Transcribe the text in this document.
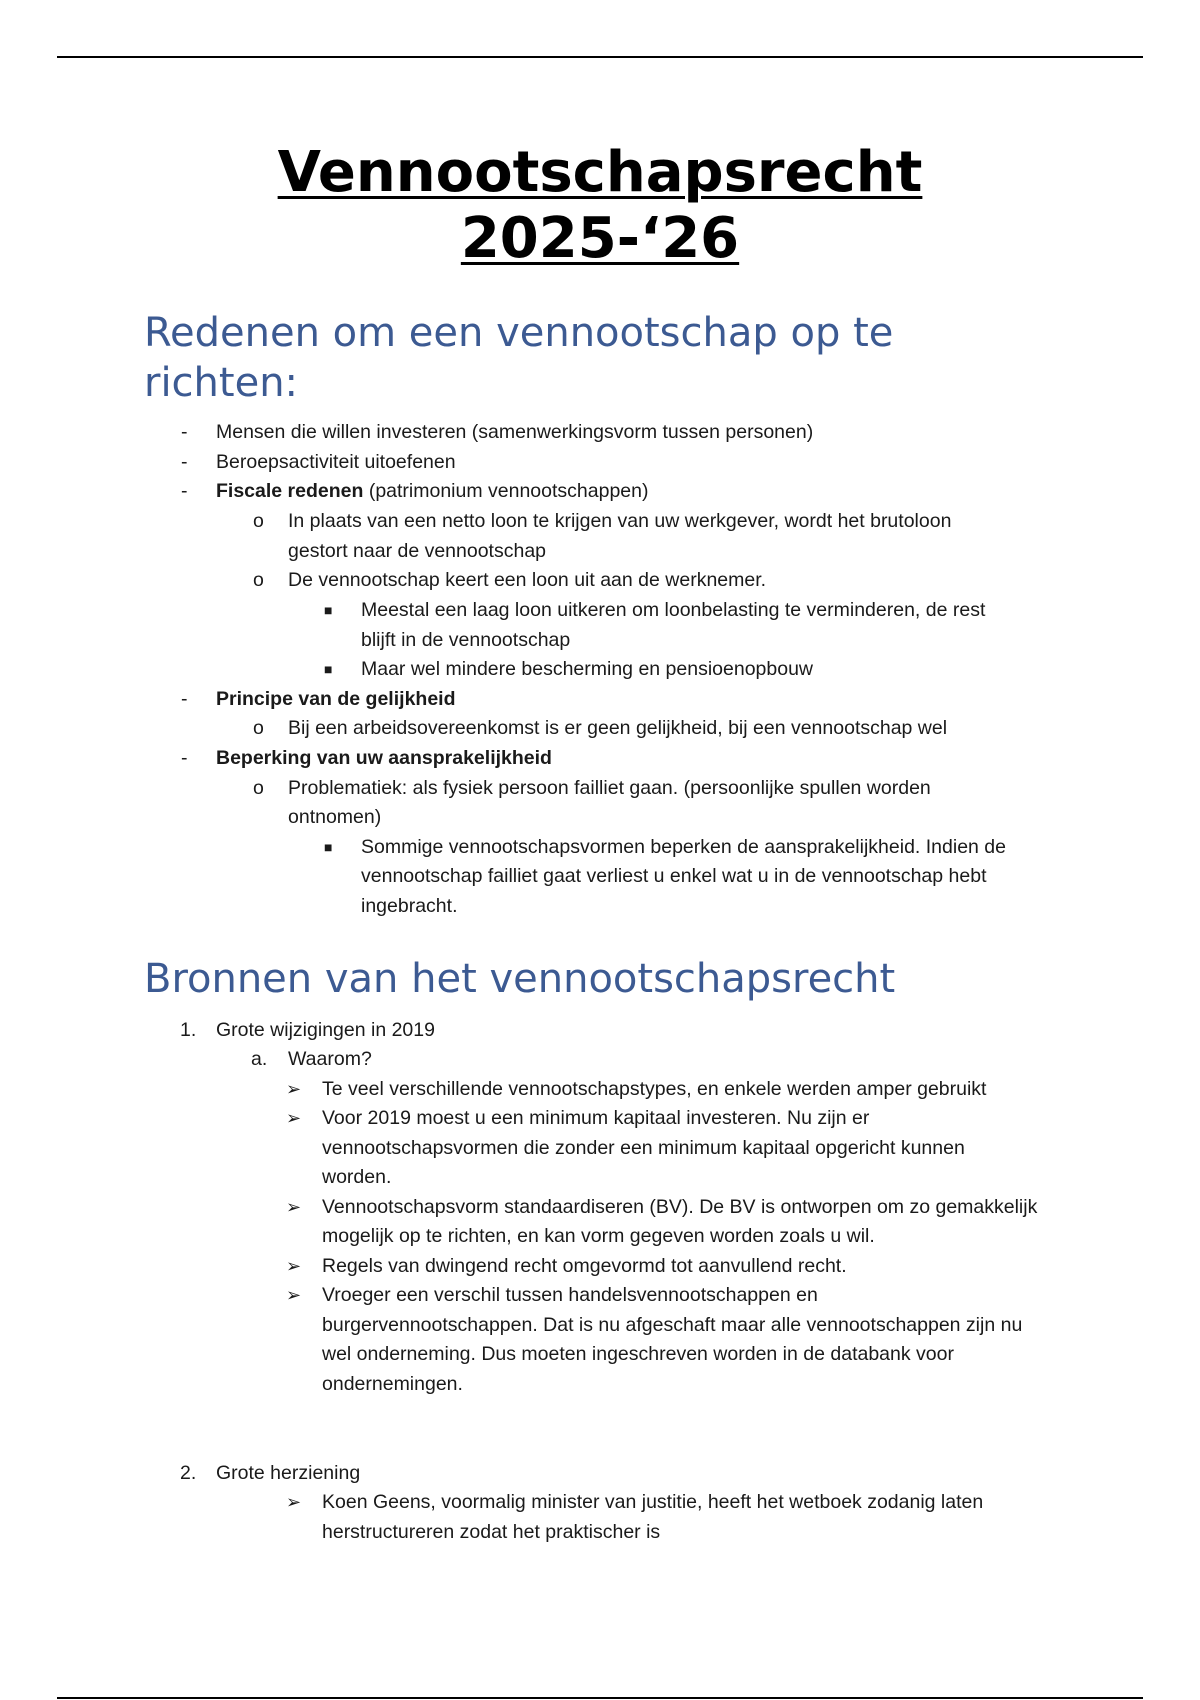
Vennootschapsrecht
2025-‘26
Redenen om een vennootschap op te
richten:
- Mensen die willen investeren (samenwerkingsvorm tussen personen)
- Beroepsactiviteit uitoefenen
- Fiscale redenen (patrimonium vennootschappen)
o In plaats van een netto loon te krijgen van uw werkgever, wordt het brutoloon
gestort naar de vennootschap
o De vennootschap keert een loon uit aan de werknemer.
■ Meestal een laag loon uitkeren om loonbelasting te verminderen, de rest
blijft in de vennootschap
■ Maar wel mindere bescherming en pensioenopbouw
- Principe van de gelijkheid
o Bij een arbeidsovereenkomst is er geen gelijkheid, bij een vennootschap wel
- Beperking van uw aansprakelijkheid
o Problematiek: als fysiek persoon failliet gaan. (persoonlijke spullen worden
ontnomen)
■ Sommige vennootschapsvormen beperken de aansprakelijkheid. Indien de
vennootschap failliet gaat verliest u enkel wat u in de vennootschap hebt
ingebracht.
Bronnen van het vennootschapsrecht
1. Grote wijzigingen in 2019
a. Waarom?
➢ Te veel verschillende vennootschapstypes, en enkele werden amper gebruikt
➢ Voor 2019 moest u een minimum kapitaal investeren. Nu zijn er
vennootschapsvormen die zonder een minimum kapitaal opgericht kunnen
worden.
➢ Vennootschapsvorm standaardiseren (BV). De BV is ontworpen om zo gemakkelijk
mogelijk op te richten, en kan vorm gegeven worden zoals u wil.
➢ Regels van dwingend recht omgevormd tot aanvullend recht.
➢ Vroeger een verschil tussen handelsvennootschappen en
burgervennootschappen. Dat is nu afgeschaft maar alle vennootschappen zijn nu
wel onderneming. Dus moeten ingeschreven worden in de databank voor
ondernemingen.
2. Grote herziening
➢ Koen Geens, voormalig minister van justitie, heeft het wetboek zodanig laten
herstructureren zodat het praktischer is
